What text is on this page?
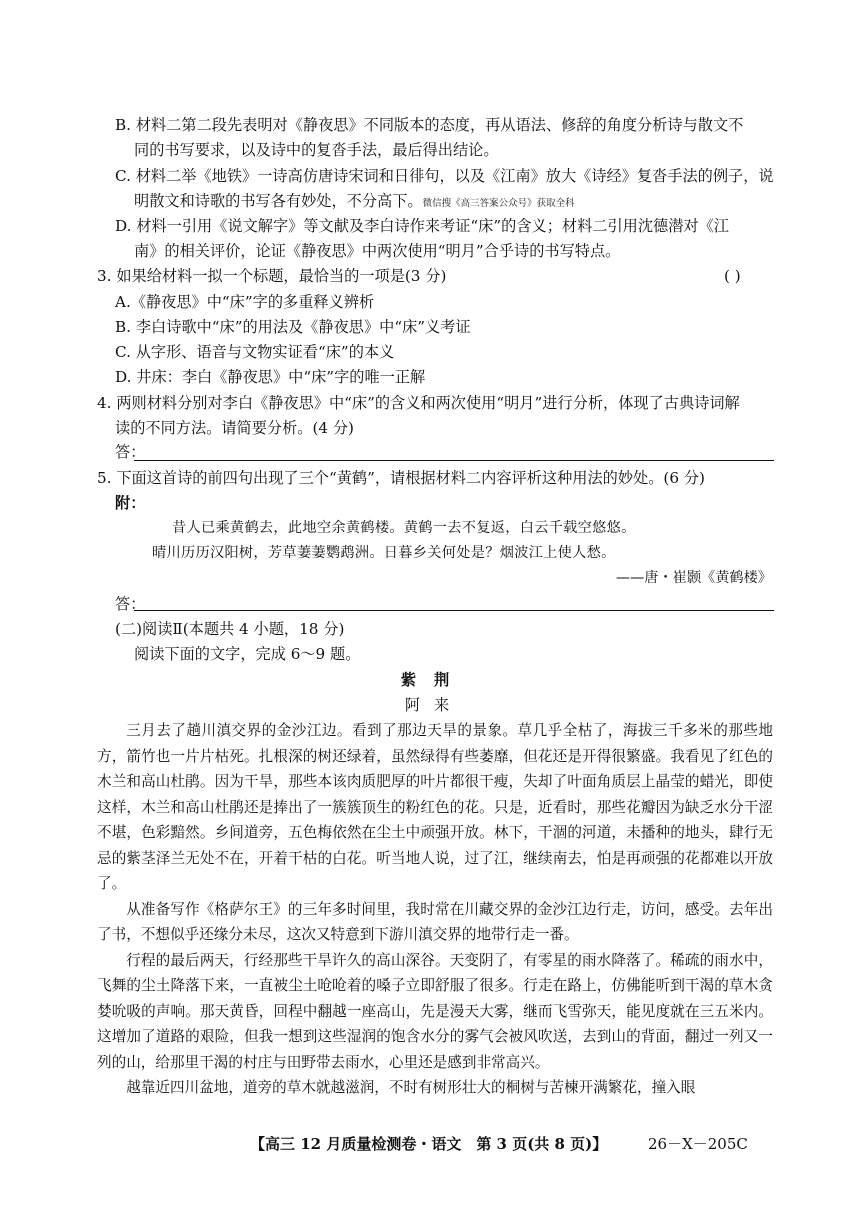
B. 材料二第二段先表明对《静夜思》不同版本的态度，再从语法、修辞的角度分析诗与散文不
同的书写要求，以及诗中的复沓手法，最后得出结论。
C. 材料二举《地铁》一诗高仿唐诗宋词和日徘句，以及《江南》放大《诗经》复沓手法的例子，说
明散文和诗歌的书写各有妙处，不分高下。微信搜《高三答案公众号》获取全科
D. 材料一引用《说文解字》等文献及李白诗作来考证“床”的含义；材料二引用沈德潜对《江
南》的相关评价，论证《静夜思》中两次使用“明月”合乎诗的书写特点。
3. 如果给材料一拟一个标题，最恰当的一项是(3 分)	( )
A.《静夜思》中“床”字的多重释义辨析
B. 李白诗歌中“床”的用法及《静夜思》中“床”义考证
C. 从字形、语音与文物实证看“床”的本义
D. 井床：李白《静夜思》中“床”字的唯一正解
4. 两则材料分别对李白《静夜思》中“床”的含义和两次使用“明月”进行分析，体现了古典诗词解
读的不同方法。请简要分析。(4 分)
答：
5. 下面这首诗的前四句出现了三个“黄鹤”，请根据材料二内容评析这种用法的妙处。(6 分)
附：
昔人已乘黄鹤去，此地空余黄鹤楼。黄鹤一去不复返，白云千载空悠悠。
晴川历历汉阳树，芳草萋萋鹦鹉洲。日暮乡关何处是？烟波江上使人愁。
——唐・崔颢《黄鹤楼》
答：
(二)阅读Ⅱ(本题共 4 小题，18 分)
阅读下面的文字，完成 6～9 题。
紫荆
阿来

三月去了趟川滇交界的金沙江边。看到了那边天旱的景象。草几乎全枯了，海拔三千多米的那些地方，箭竹也一片片枯死。扎根深的树还绿着，虽然绿得有些萎靡，但花还是开得很繁盛。我看见了红色的木兰和高山杜鹃。因为干旱，那些本该肉质肥厚的叶片都很干瘦，失却了叶面角质层上晶莹的蜡光，即使这样，木兰和高山杜鹃还是捧出了一簇簇顶生的粉红色的花。只是，近看时，那些花瓣因为缺乏水分干涩不堪，色彩黯然。乡间道旁，五色梅依然在尘土中顽强开放。林下，干涸的河道，未播种的地头，肆行无忌的紫茎泽兰无处不在，开着干枯的白花。听当地人说，过了江，继续南去，怕是再顽强的花都难以开放了。

从准备写作《格萨尔王》的三年多时间里，我时常在川藏交界的金沙江边行走，访问，感受。去年出了书，不想似乎还缘分未尽，这次又特意到下游川滇交界的地带行走一番。

行程的最后两天，行经那些干旱许久的高山深谷。天变阴了，有零星的雨水降落了。稀疏的雨水中，飞舞的尘土降落下来，一直被尘土呛呛着的嗓子立即舒服了很多。行走在路上，仿佛能听到干渴的草木贪婪吮吸的声响。那天黄昏，回程中翻越一座高山，先是漫天大雾，继而飞雪弥天，能见度就在三五米内。这增加了道路的艰险，但我一想到这些湿润的饱含水分的雾气会被风吹送，去到山的背面，翻过一列又一列的山，给那里干渴的村庄与田野带去雨水，心里还是感到非常高兴。

越靠近四川盆地，道旁的草木就越滋润，不时有树形壮大的桐树与苦楝开满繁花，撞入眼

【高三 12 月质量检测卷・语文　第 3 页(共 8 页)】	26－X－205C
